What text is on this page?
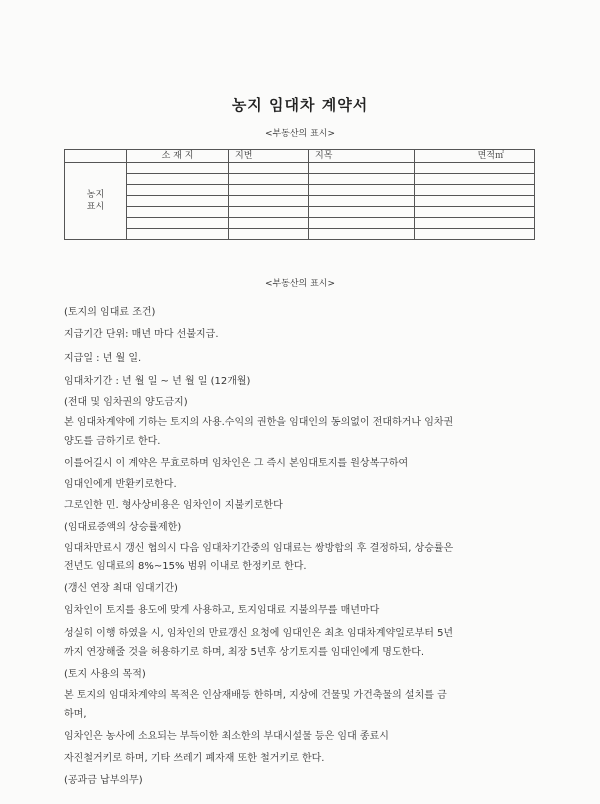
농지 임대차 계약서
<부동산의 표시>
	소 재 지	지번	지목	면적㎡

농지
표시				

<부동산의 표시>

(토지의 임대료 조건)

지급기간 단위: 매년 마다 선불지급.

지급일 : 년 월 일.

임대차기간 : 년 월 일 ~ 년 월 일 (12개월)

(전대 및 임차권의 양도금지)

본 임대차계약에 기하는 토지의 사용.수익의 권한을 임대인의 동의없이 전대하거나 임차권

양도를 금하기로 한다.

이를어길시 이 계약은 무효로하며 임차인은 그 즉시 본임대토지를 원상복구하여

임대인에게 반환키로한다.

그로인한 민. 형사상비용은 임차인이 지불키로한다

(임대료증액의 상승률제한)

임대차만료시 갱신 협의시 다음 임대차기간중의 임대료는 쌍방합의 후 결정하되, 상승률은

전년도 임대료의 8%~15% 범위 이내로 한정키로 한다.

(갱신 연장 최대 임대기간)

임차인이 토지를 용도에 맞게 사용하고, 토지임대료 지불의무를 매년마다

성실히 이행 하였을 시, 임차인의 만료갱신 요청에 임대인은 최초 임대차계약일로부터 5년

까지 연장해줄 것을 허용하기로 하며, 최장 5년후 상기토지를 임대인에게 명도한다.

(토지 사용의 목적)

본 토지의 임대차계약의 목적은 인삼재배등 한하며, 지상에 건물및 가건축물의 설치를 금

하며,

임차인은 농사에 소요되는 부득이한 최소한의 부대시설물 등은 임대 종료시

자진철거키로 하며, 기타 쓰레기 폐자재 또한 철거키로 한다.

(공과금 납부의무)
